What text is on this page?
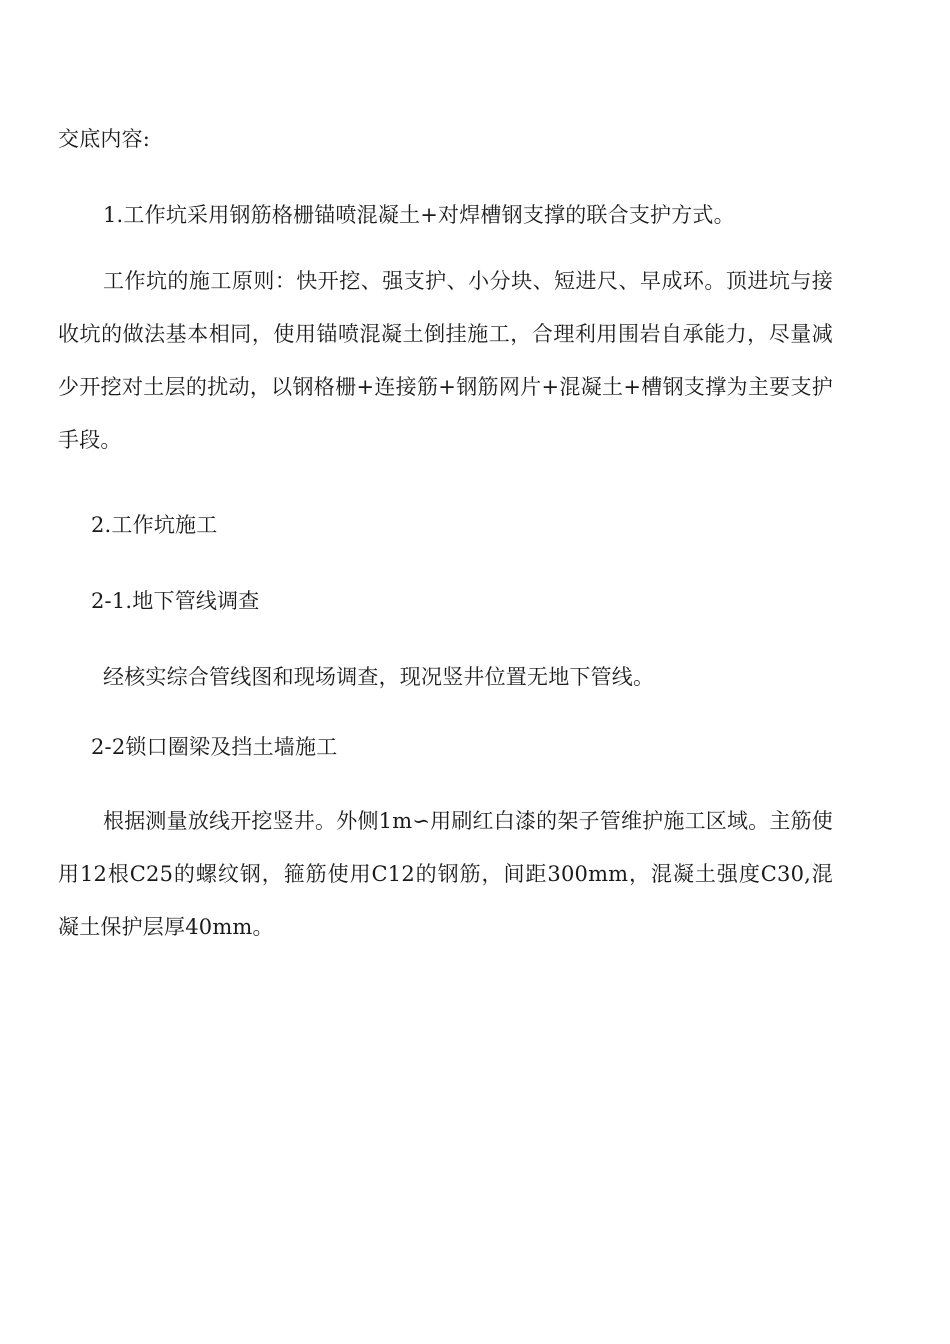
交底内容:

1.工作坑采用钢筋格栅锚喷混凝土+对焊槽钢支撑的联合支护方式。

工作坑的施工原则：快开挖、强支护、小分块、短进尺、早成环。顶进坑与接收坑的做法基本相同，使用锚喷混凝土倒挂施工，合理利用围岩自承能力，尽量减少开挖对土层的扰动，以钢格栅+连接筋+钢筋网片+混凝土+槽钢支撑为主要支护手段。

2.工作坑施工

2-1.地下管线调查

经核实综合管线图和现场调查，现况竖井位置无地下管线。

2-2锁口圈梁及挡土墙施工

根据测量放线开挖竖井。外侧1m∽用刷红白漆的架子管维护施工区域。主筋使用12根C25的螺纹钢，箍筋使用C12的钢筋，间距300mm，混凝土强度C30,混凝土保护层厚40mm。
